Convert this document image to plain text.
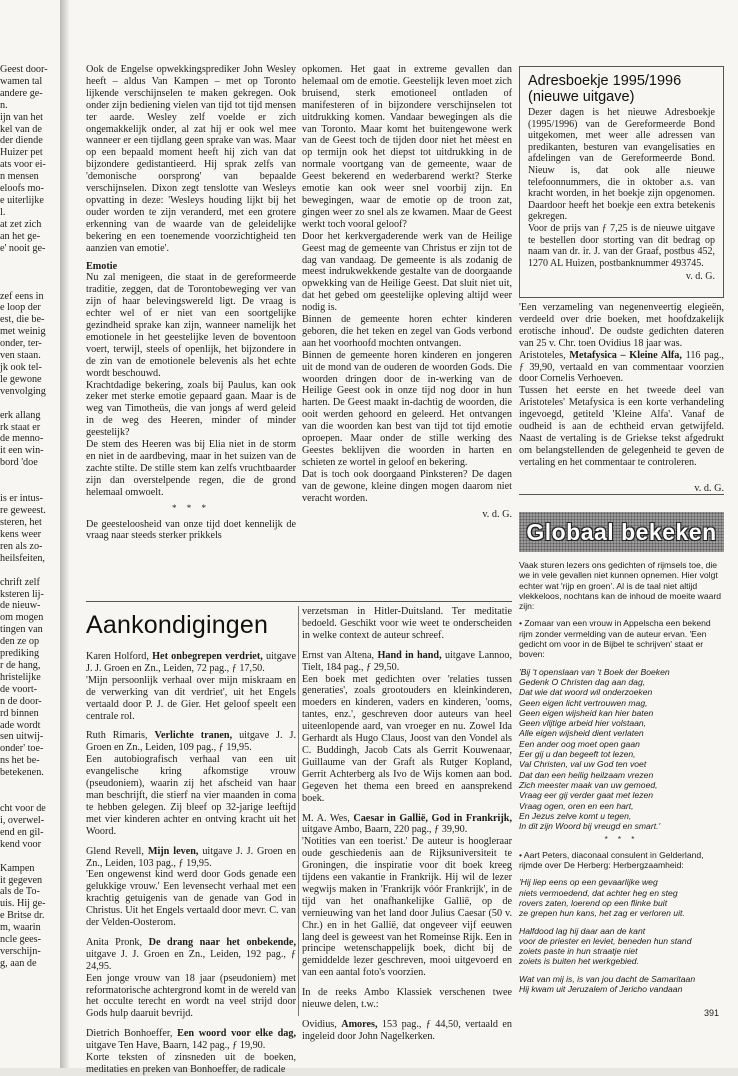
Geest door-
wamen tal
andere ge-
n.
ijn van het
kel van de
der diende
Huizer pet
ats voor ei-
n mensen
eloofs mo-
e uiterlijke
l.
at zet zich
an het ge-
e' nooit ge-
zef eens in
e loop der
est, die be-
met weinig
onder, ter-
ven staan.
jk ook tel-
le gewone
venvolging
erk allang
rk staat er
de menno-
it een win-
bord 'doe
is er intus-
re geweest.
steren, het
kens weer
ren als zo-
heilsfeiten,
chrift zelf
ksteren lij-
de nieuw-
om mogen
tingen van
den ze op
prediking
r de hang,
hristelijke
de voort-
n de door-
rd binnen
ade wordt
sen uitwij-
onder' toe-
ns het be-
betekenen.
cht voor de
i, overwel-
end en gil-
kend voor
Kampen
it gegeven
als de To-
uis. Hij ge-
e Britse dr.
m, waarin
ncle gees-
verschijn-
g, aan de

Ook de Engelse opwekkingsprediker John Wesley heeft – aldus Van Kampen – met op Toronto lijkende verschijnselen te maken gekregen. Ook onder zijn bediening vielen van tijd tot tijd mensen ter aarde. Wesley zelf voelde er zich ongemakkelijk onder, al zat hij er ook wel mee wanneer er een tijdlang geen sprake van was. Maar op een bepaald moment heeft hij zich van dat bijzondere gedistantieerd. Hij sprak zelfs van 'demonische oorsprong' van bepaalde verschijnselen. Dixon zegt tenslotte van Wesleys opvatting in deze: 'Wesleys houding lijkt bij het ouder worden te zijn veranderd, met een grotere erkenning van de waarde van de geleidelijke bekering en een toenemende voorzichtigheid ten aanzien van emotie'.

Emotie

Nu zal menigeen, die staat in de gereformeerde traditie, zeggen, dat de Torontobeweging ver van zijn of haar belevingswereld ligt. De vraag is echter wel of er niet van een soortgelijke gezindheid sprake kan zijn, wanneer namelijk het emotionele in het geestelijke leven de boventoon voert, terwijl, steels of openlijk, het bijzondere in de zin van de emotionele belevenis als het echte wordt beschouwd.
Krachtdadige bekering, zoals bij Paulus, kan ook zeker met sterke emotie gepaard gaan. Maar is de weg van Timotheüs, die van jongs af werd geleid in de weg des Heeren, minder of minder geestelijk?
De stem des Heeren was bij Elia niet in de storm en niet in de aardbeving, maar in het suizen van de zachte stilte. De stille stem kan zelfs vruchtbaarder zijn dan overstelpende regen, die de grond helemaal omwoelt.

* * *

De geesteloosheid van onze tijd doet kennelijk de vraag naar steeds sterker prikkels

opkomen. Het gaat in extreme gevallen dan helemaal om de emotie. Geestelijk leven moet zich bruisend, sterk emotioneel ontladen of manifesteren of in bijzondere verschijnselen tot uitdrukking komen. Vandaar bewegingen als die van Toronto. Maar komt het buitengewone werk van de Geest toch de tijden door niet het mèest en op termijn ook het diepst tot uitdrukking in de normale voortgang van de gemeente, waar de Geest bekerend en wederbarend werkt? Sterke emotie kan ook weer snel voorbij zijn. En bewegingen, waar de emotie op de troon zat, gingen weer zo snel als ze kwamen. Maar de Geest werkt toch vooral geloof?
Door het kerkvergaderende werk van de Heilige Geest mag de gemeente van Christus er zijn tot de dag van vandaag. De gemeente is als zodanig de meest indrukwekkende gestalte van de doorgaande opwekking van de Heilige Geest. Dat sluit niet uit, dat het gebed om geestelijke opleving altijd weer nodig is.
Binnen de gemeente horen echter kinderen geboren, die het teken en zegel van Gods verbond aan het voorhoofd mochten ontvangen.
Binnen de gemeente horen kinderen en jongeren uit de mond van de ouderen de woorden Gods. Die woorden dringen door de in-werking van de Heilige Geest ook in onze tijd nog door in hun harten. De Geest maakt in-dachtig de woorden, die ooit werden gehoord en geleerd. Het ontvangen van die woorden kan best van tijd tot tijd emotie oproepen. Maar onder de stille werking des Geestes beklijven die woorden in harten en schieten ze wortel in geloof en bekering.
Dat is toch ook doorgaand Pinksteren? De dagen van de gewone, kleine dingen mogen daarom niet veracht worden.

v. d. G.

Aankondigingen

Karen Holford, Het onbegrepen verdriet, uitgave J. J. Groen en Zn., Leiden, 72 pag., ƒ 17,50.
'Mijn persoonlijk verhaal over mijn miskraam en de verwerking van dit verdriet', uit het Engels vertaald door P. J. de Gier. Het geloof speelt een centrale rol.

Ruth Rimaris, Verlichte tranen, uitgave J. J. Groen en Zn., Leiden, 109 pag., ƒ 19,95.
Een autobiografisch verhaal van een uit evangelische kring afkomstige vrouw (pseudoniem), waarin zij het afscheid van haar man beschrijft, die stierf na vier maanden in coma te hebben gelegen. Zij bleef op 32-jarige leeftijd met vier kinderen achter en ontving kracht uit het Woord.

Glend Revell, Mijn leven, uitgave J. J. Groen en Zn., Leiden, 103 pag., ƒ 19,95.
'Een ongewenst kind werd door Gods genade een gelukkige vrouw.' Een levensecht verhaal met een krachtig getuigenis van de genade van God in Christus. Uit het Engels vertaald door mevr. C. van der Velden-Oosterom.

Anita Pronk, De drang naar het onbekende, uitgave J. J. Groen en Zn., Leiden, 192 pag., ƒ 24,95.
Een jonge vrouw van 18 jaar (pseudoniem) met reformatorische achtergrond komt in de wereld van het occulte terecht en wordt na veel strijd door Gods hulp daaruit bevrijd.

Dietrich Bonhoeffer, Een woord voor elke dag, uitgave Ten Have, Baarn, 142 pag., ƒ 19,90.
Korte teksten of zinsneden uit de boeken, meditaties en preken van Bonhoeffer, de radicale

verzetsman in Hitler-Duitsland. Ter meditatie bedoeld. Geschikt voor wie weet te onderscheiden in welke context de auteur schreef.

Ernst van Altena, Hand in hand, uitgave Lannoo, Tielt, 184 pag., ƒ 29,50.
Een boek met gedichten over 'relaties tussen generaties', zoals grootouders en kleinkinderen, moeders en kinderen, vaders en kinderen, 'ooms, tantes, enz.', geschreven door auteurs van heel uiteenlopende aard, van vroeger en nu. Zowel Ida Gerhardt als Hugo Claus, Joost van den Vondel als C. Buddingh, Jacob Cats als Gerrit Kouwenaar, Guillaume van der Graft als Rutger Kopland, Gerrit Achterberg als Ivo de Wijs komen aan bod. Gegeven het thema een breed en aansprekend boek.

M. A. Wes, Caesar in Gallië, God in Frankrijk, uitgave Ambo, Baarn, 220 pag., ƒ 39,90.
'Notities van een toerist.' De auteur is hoogleraar oude geschiedenis aan de Rijksuniversiteit te Groningen, die inspiratie voor dit boek kreeg tijdens een vakantie in Frankrijk. Hij wil de lezer wegwijs maken in 'Frankrijk vóór Frankrijk', in de tijd van het onafhankelijke Gallië, op de vernieuwing van het land door Julius Caesar (50 v. Chr.) en in het Gallië, dat ongeveer vijf eeuwen lang deel is geweest van het Romeinse Rijk. Een in principe wetenschappelijk boek, dicht bij de gemiddelde lezer geschreven, mooi uitgevoerd en van een aantal foto's voorzien.

In de reeks Ambo Klassiek verschenen twee nieuwe delen, t.w.:

Ovidius, Amores, 153 pag., ƒ 44,50, vertaald en ingeleid door John Nagelkerken.

Adresboekje 1995/1996 (nieuwe uitgave)
Dezer dagen is het nieuwe Adresboekje (1995/1996) van de Gereformeerde Bond uitgekomen, met weer alle adressen van predikanten, besturen van evangelisaties en afdelingen van de Gereformeerde Bond. Nieuw is, dat ook alle nieuwe telefoonnummers, die in oktober a.s. van kracht worden, in het boekje zijn opgenomen. Daardoor heeft het boekje een extra betekenis gekregen.
Voor de prijs van ƒ 7,25 is de nieuwe uitgave te bestellen door storting van dit bedrag op naam van dr. ir. J. van der Graaf, postbus 452, 1270 AL Huizen, postbanknummer 493745.
v. d. G.

'Een verzameling van negenenveertig elegieën, verdeeld over drie boeken, met hoofdzakelijk erotische inhoud'. De oudste gedichten dateren van 25 v. Chr. toen Ovidius 18 jaar was.

Aristoteles, Metafysica – Kleine Alfa, 116 pag., ƒ 39,90, vertaald en van commentaar voorzien door Cornelis Verhoeven.
Tussen het eerste en het tweede deel van Aristoteles' Metafysica is een korte verhandeling ingevoegd, getiteld 'Kleine Alfa'. Vanaf de oudheid is aan de echtheid ervan getwijfeld. Naast de vertaling is de Griekse tekst afgedrukt om belangstellenden de gelegenheid te geven de vertaling en het commentaar te controleren.

v. d. G.

Globaal bekeken

Vaak sturen lezers ons gedichten of rijmsels toe, die we in vele gevallen niet kunnen opnemen. Hier volgt echter wat 'rijp en groen'. Al is de taal niet altijd vlekkeloos, nochtans kan de inhoud de moeite waard zijn:

• Zomaar van een vrouw in Appelscha een bekend rijm zonder vermelding van de auteur ervan. 'Een gedicht om voor in de Bijbel te schrijven' staat er boven:

'Bij 't openslaan van 't Boek der Boeken
Gedenk O Christen dag aan dag,
Dat wie dat woord wil onderzoeken
Geen eigen licht vertrouwen mag,
Geen eigen wijsheid kan hier baten
Geen vlijtige arbeid hier volstaan,
Alle eigen wijsheid dient verlaten
Een ander oog moet open gaan
Eer gij u dan begeeft tot lezen,
Val Christen, val uw God ten voet
Dat dan een heilig heilzaam vrezen
Zich meester maak van uw gemoed,
Vraag eer gij verder gaat met lezen
Vraag ogen, oren en een hart,
En Jezus zelve komt u tegen,
In dit zijn Woord bij vreugd en smart.'

* * *

• Aart Peters, diaconaal consulent in Gelderland, rijmde over De Herberg: Herbergzaamheid:

'Hij liep eens op een gevaarlijke weg
niets vermoedend, dat achter heg en steg
rovers zaten, loerend op een flinke buit
ze grepen hun kans, het zag er verloren uit.

Halfdood lag hij daar aan de kant
voor de priester en leviet, beneden hun stand
zoiets paste in hun straatje niet
zoiets is buiten het werkgebied.

Wat van mij is, is van jou dacht de Samaritaan
Hij kwam uit Jeruzalem of Jericho vandaan

391
